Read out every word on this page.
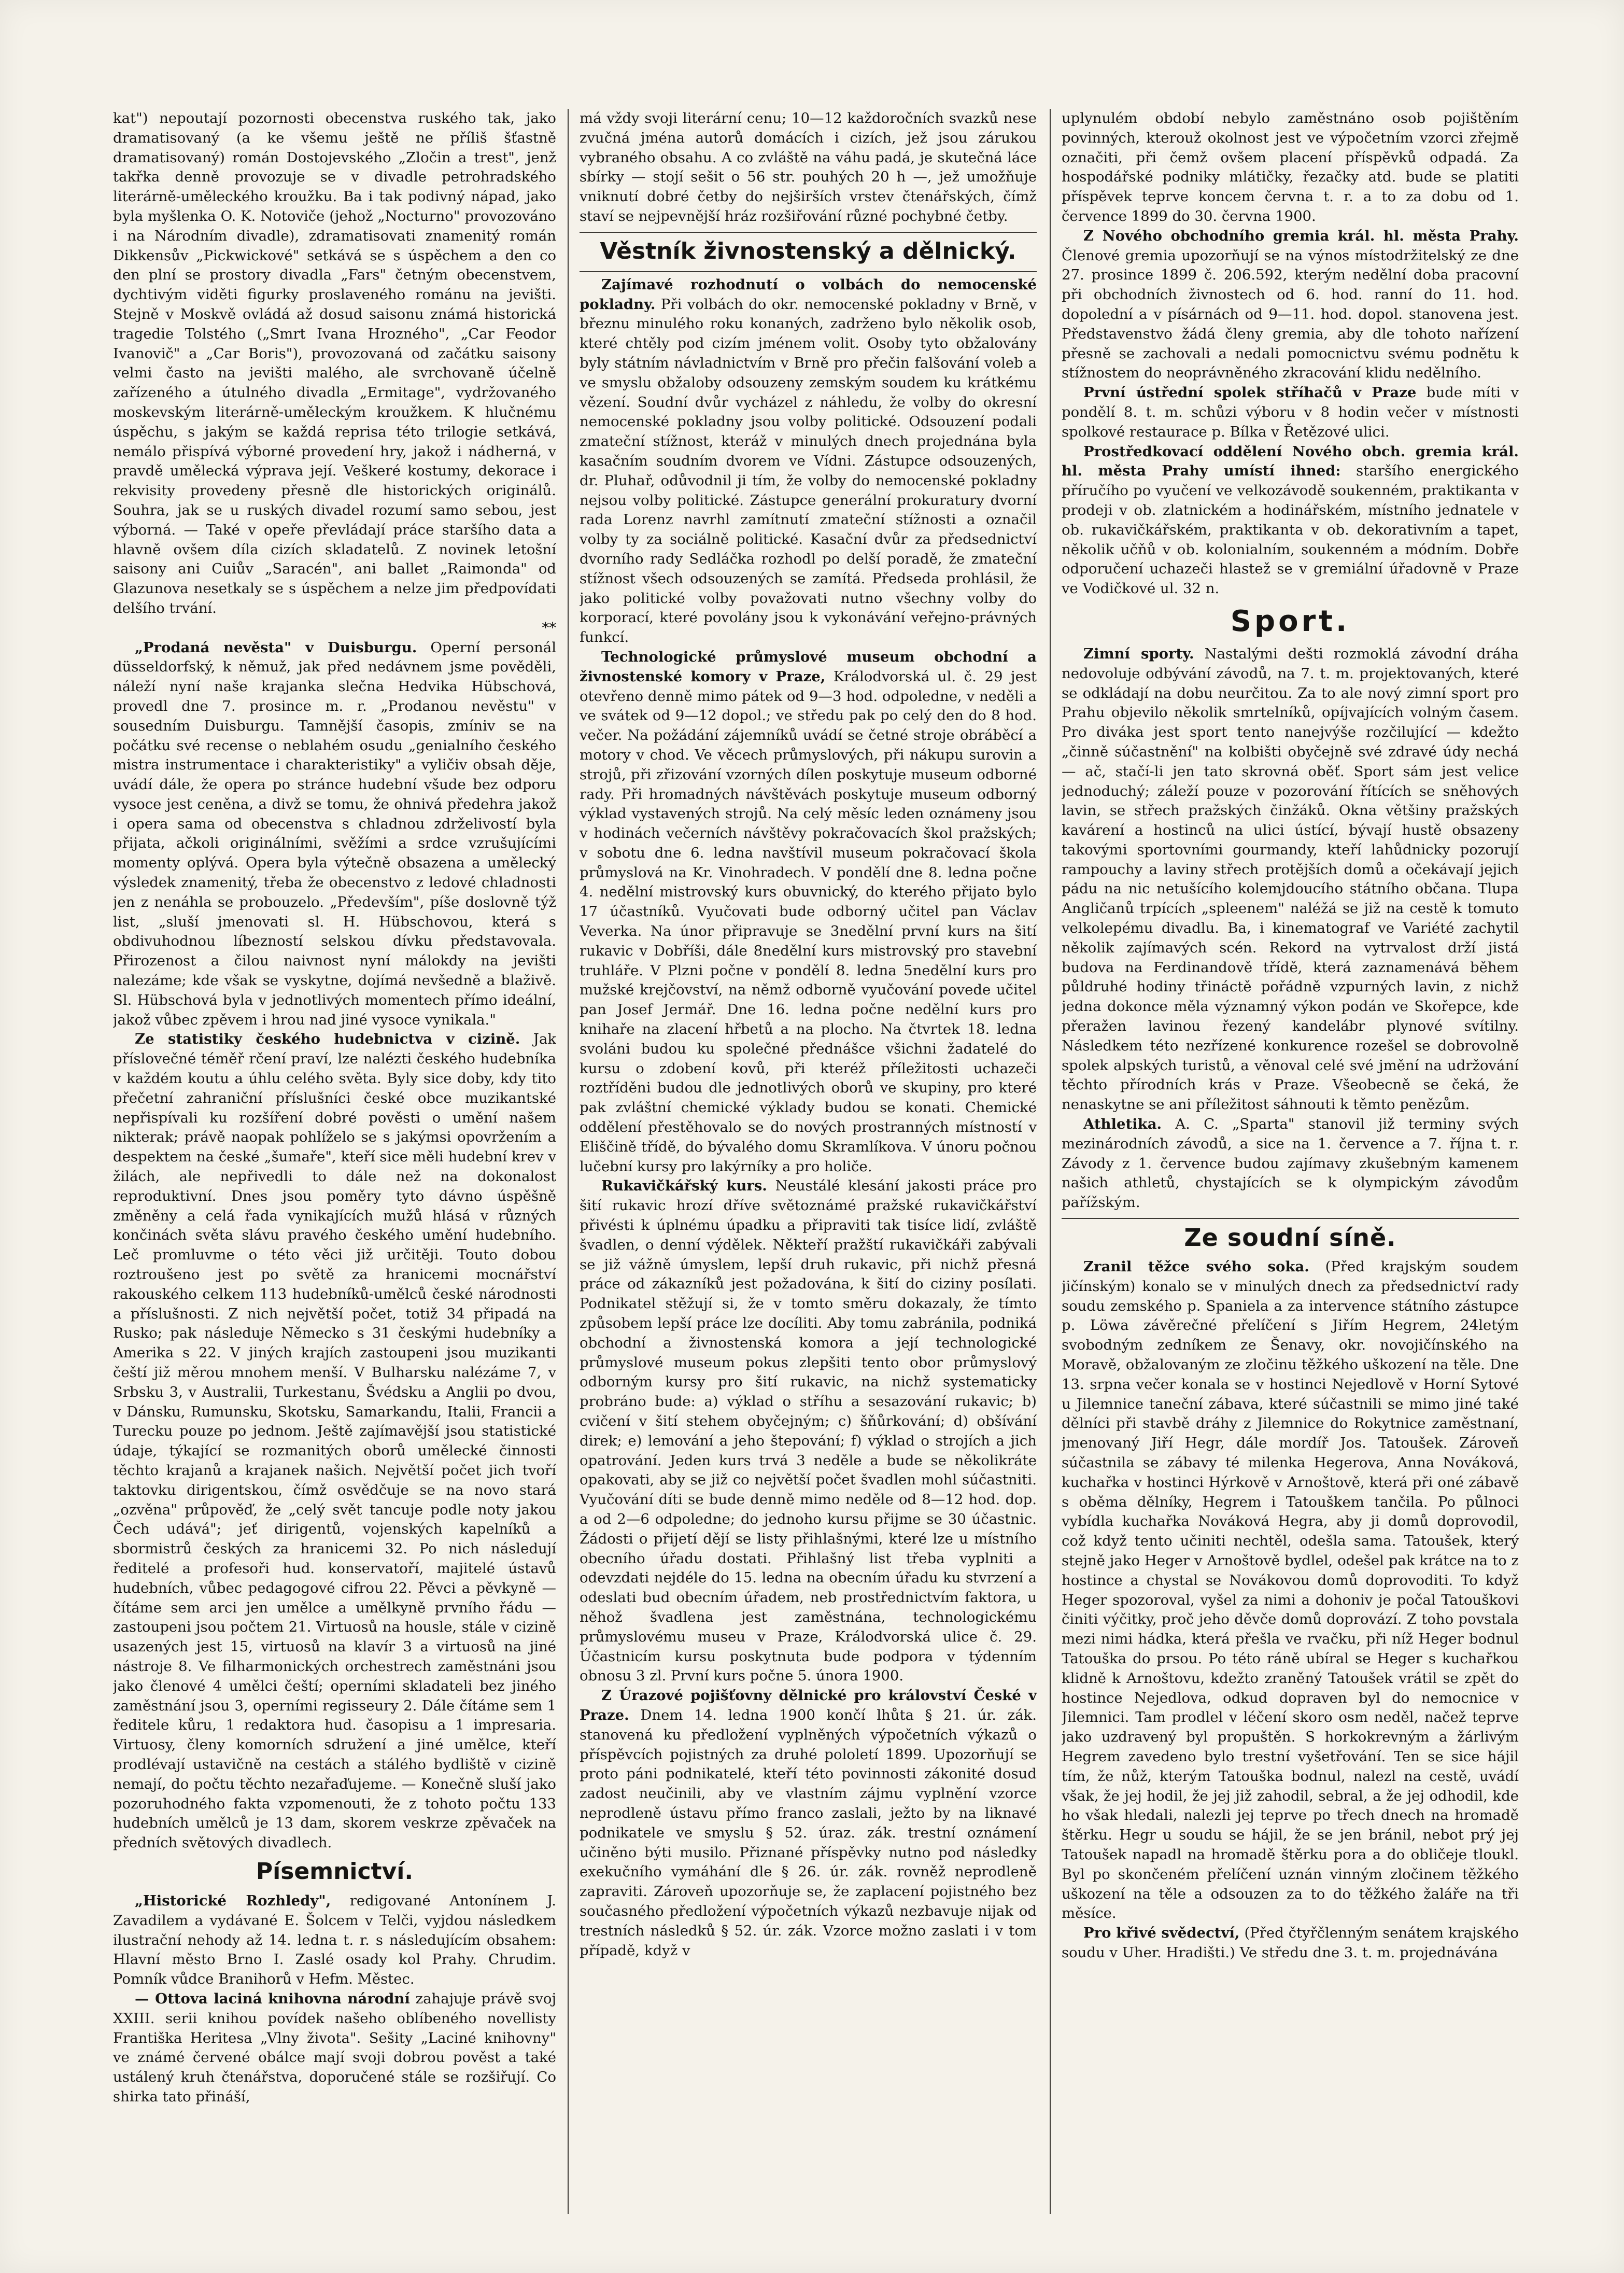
kat") nepoutají pozornosti obecenstva ruského tak, jako dramatisovaný (a ke všemu ještě ne příliš šťastně dramatisovaný) román Dostojevského „Zločin a trest", jenž takřka denně provozuje se v divadle petrohradského literárně-uměleckého kroužku. Ba i tak podivný nápad, jako byla myšlenka O. K. Notoviče (jehož „Nocturno" provozováno i na Národním divadle), zdramatisovati znamenitý román Dikkensův „Pickwickové" setkává se s úspěchem a den co den plní se prostory divadla „Fars" četným obecenstvem, dychtivým viděti figurky proslaveného románu na jevišti. Stejně v Moskvě ovládá až dosud saisonu známá historická tragedie Tolstého („Smrt Ivana Hrozného", „Car Feodor Ivanovič" a „Car Boris"), provozovaná od začátku saisony velmi často na jevišti malého, ale svrchovaně účelně zařízeného a útulného divadla „Ermitage", vydržovaného moskevským literárně-uměleckým kroužkem. K hlučnému úspěchu, s jakým se každá reprisa této trilogie setkává, nemálo přispívá výborné provedení hry, jakož i nádherná, v pravdě umělecká výprava její. Veškeré kostumy, dekorace i rekvisity provedeny přesně dle historických originálů. Souhra, jak se u ruských divadel rozumí samo sebou, jest výborná. — Také v opeře převládají práce staršího data a hlavně ovšem díla cizích skladatelů. Z novinek letošní saisony ani Cuiův „Saracén", ani ballet „Raimonda" od Glazunova nesetkaly se s úspěchem a nelze jim předpovídati delšího trvání.

**

„Prodaná nevěsta" v Duisburgu. Operní personál düsseldorfský, k němuž, jak před nedávnem jsme pověděli, náleží nyní naše krajanka slečna Hedvika Hübschová, provedl dne 7. prosince m. r. „Prodanou nevěstu" v sousedním Duisburgu. Tamnější časopis, zmíniv se na počátku své recense o neblahém osudu „genialního českého mistra instrumentace i charakteristiky" a vyličiv obsah děje, uvádí dále, že opera po stránce hudební všude bez odporu vysoce jest ceněna, a divž se tomu, že ohnivá předehra jakož i opera sama od obecenstva s chladnou zdrželivostí byla přijata, ačkoli originálními, svěžími a srdce vzrušujícími momenty oplývá. Opera byla výtečně obsazena a umělecký výsledek znamenitý, třeba že obecenstvo z ledové chladnosti jen z nenáhla se probouzelo. „Především", píše doslovně týž list, „sluší jmenovati sl. H. Hübschovou, která s obdivuhodnou líbezností selskou dívku představovala. Přirozenost a čilou naivnost nyní málokdy na jevišti nalezáme; kde však se vyskytne, dojímá nevšedně a blaživě. Sl. Hübschová byla v jednotlivých momentech přímo ideální, jakož vůbec zpěvem i hrou nad jiné vysoce vynikala."

Ze statistiky českého hudebnictva v cizině. Jak příslovečné téměř rčení praví, lze nalézti českého hudebníka v každém koutu a úhlu celého světa. Byly sice doby, kdy tito přečetní zahraniční příslušníci české obce muzikantské nepřispívali ku rozšíření dobré pověsti o umění našem nikterak; právě naopak pohlíželo se s jakýmsi opovržením a despektem na české „šumaře", kteří sice měli hudební krev v žilách, ale nepřivedli to dále než na dokonalost reproduktivní. Dnes jsou poměry tyto dávno úspěšně změněny a celá řada vynikajících mužů hlásá v různých končinách světa slávu pravého českého umění hudebního. Leč promluvme o této věci již určitěji. Touto dobou roztroušeno jest po světě za hranicemi mocnářství rakouského celkem 113 hudebníků-umělců české národnosti a příslušnosti. Z nich největší počet, totiž 34 připadá na Rusko; pak následuje Německo s 31 českými hudebníky a Amerika s 22. V jiných krajích zastoupeni jsou muzikanti čeští již měrou mnohem menší. V Bulharsku nalézáme 7, v Srbsku 3, v Australii, Turkestanu, Švédsku a Anglii po dvou, v Dánsku, Rumunsku, Skotsku, Samarkandu, Italii, Francii a Turecku pouze po jednom. Ještě zajímavější jsou statistické údaje, týkající se rozmanitých oborů umělecké činnosti těchto krajanů a krajanek našich. Největší počet jich tvoří taktovku dirigentskou, čímž osvědčuje se na novo stará „ozvěna" průpověď, že „celý svět tancuje podle noty jakou Čech udává"; jeť dirigentů, vojenských kapelníků a sbormistrů českých za hranicemi 32. Po nich následují ředitelé a profesoři hud. konservatoří, majitelé ústavů hudebních, vůbec pedagogové cifrou 22. Pěvci a pěvkyně — čítáme sem arci jen umělce a umělkyně prvního řádu — zastoupeni jsou počtem 21. Virtuosů na housle, stále v cizině usazených jest 15, virtuosů na klavír 3 a virtuosů na jiné nástroje 8. Ve filharmonických orchestrech zaměstnáni jsou jako členové 4 umělci čeští; operními skladateli bez jiného zaměstnání jsou 3, operními regisseury 2. Dále čítáme sem 1 ředitele kůru, 1 redaktora hud. časopisu a 1 impresaria. Virtuosy, členy komorních sdružení a jiné umělce, kteří prodlévají ustavičně na cestách a stálého bydliště v cizině nemají, do počtu těchto nezařaďujeme. — Konečně sluší jako pozoruhodného fakta vzpomenouti, že z tohoto počtu 133 hudebních umělců je 13 dam, skorem veskrze zpěvaček na předních světových divadlech.

Písemnictví.

„Historické Rozhledy", redigované Antonínem J. Zavadilem a vydávané E. Šolcem v Telči, vyjdou následkem ilustrační nehody až 14. ledna t. r. s následujícím obsahem: Hlavní město Brno I. Zaslé osady kol Prahy. Chrudim. Pomník vůdce Branihorů v Hefm. Městec.

— Ottova laciná knihovna národní zahajuje právě svoj XXIII. serii knihou povídek našeho oblíbeného novellisty Františka Heritesa „Vlny života". Sešity „Laciné knihovny" ve známé červené obálce mají svoji dobrou pověst a také ustálený kruh čtenářstva, doporučené stále se rozšiřují. Co shirka tato přináší,

má vždy svoji literární cenu; 10—12 každoročních svazků nese zvučná jména autorů domácích i cizích, jež jsou zárukou vybraného obsahu. A co zvláště na váhu padá, je skutečná láce sbírky — stojí sešit o 56 str. pouhých 20 h —, jež umožňuje vniknutí dobré četby do nejširších vrstev čtenářských, čímž staví se nejpevnější hráz rozšiřování různé pochybné četby.

Věstník živnostenský a dělnický.

Zajímavé rozhodnutí o volbách do nemocenské pokladny. Při volbách do okr. nemocenské pokladny v Brně, v březnu minulého roku konaných, zadrženo bylo několik osob, které chtěly pod cizím jménem volit. Osoby tyto obžalovány byly státním návladnictvím v Brně pro přečin falšování voleb a ve smyslu obžaloby odsouzeny zemským soudem ku krátkému vězení. Soudní dvůr vycházel z náhledu, že volby do okresní nemocenské pokladny jsou volby politické. Odsouzení podali zmateční stížnost, kteráž v minulých dnech projednána byla kasačním soudním dvorem ve Vídni. Zástupce odsouzených, dr. Pluhař, odůvodnil ji tím, že volby do nemocenské pokladny nejsou volby politické. Zástupce generální prokuratury dvorní rada Lorenz navrhl zamítnutí zmateční stížnosti a označil volby ty za sociálně politické. Kasační dvůr za předsednictví dvorního rady Sedláčka rozhodl po delší poradě, že zmateční stížnost všech odsouzených se zamítá. Předseda prohlásil, že jako politické volby považovati nutno všechny volby do korporací, které povolány jsou k vykonávání veřejno-právných funkcí.

Technologické průmyslové museum obchodní a živnostenské komory v Praze, Králodvorská ul. č. 29 jest otevřeno denně mimo pátek od 9—3 hod. odpoledne, v neděli a ve svátek od 9—12 dopol.; ve středu pak po celý den do 8 hod. večer. Na požádání zájemníků uvádí se četné stroje obráběcí a motory v chod. Ve věcech průmyslových, při nákupu surovin a strojů, při zřizování vzorných dílen poskytuje museum odborné rady. Při hromadných návštěvách poskytuje museum odborný výklad vystavených strojů. Na celý měsíc leden oznámeny jsou v hodinách večerních návštěvy pokračovacích škol pražských; v sobotu dne 6. ledna navštívil museum pokračovací škola průmyslová na Kr. Vinohradech. V pondělí dne 8. ledna počne 4. nedělní mistrovský kurs obuvnický, do kterého přijato bylo 17 účastníků. Vyučovati bude odborný učitel pan Václav Veverka. Na únor připravuje se 3nedělní první kurs na šití rukavic v Dobříši, dále 8nedělní kurs mistrovský pro stavební truhláře. V Plzni počne v pondělí 8. ledna 5nedělní kurs pro mužské krejčovství, na němž odborně vyučování povede učitel pan Josef Jermář. Dne 16. ledna počne nedělní kurs pro knihaře na zlacení hřbetů a na plocho. Na čtvrtek 18. ledna svoláni budou ku společné přednášce všichni žadatelé do kursu o zdobení kovů, při kteréž příležitosti uchazeči roztříděni budou dle jednotlivých oborů ve skupiny, pro které pak zvláštní chemické výklady budou se konati. Chemické oddělení přestěhovalo se do nových prostranných místností v Eliščině třídě, do bývalého domu Skramlíkova. V únoru počnou lučební kursy pro lakýrníky a pro holiče.

Rukavičkářský kurs. Neustálé klesání jakosti práce pro šití rukavic hrozí dříve světoznámé pražské rukavičkářství přivésti k úplnému úpadku a připraviti tak tisíce lidí, zvláště švadlen, o denní výdělek. Někteří pražští rukavičkáři zabývali se již vážně úmyslem, lepší druh rukavic, při nichž přesná práce od zákazníků jest požadována, k šití do ciziny posílati. Podnikatel stěžují si, že v tomto směru dokazaly, že tímto způsobem lepší práce lze docíliti. Aby tomu zabránila, podniká obchodní a živnostenská komora a její technologické průmyslové museum pokus zlepšiti tento obor průmyslový odborným kursy pro šití rukavic, na nichž systematicky probráno bude: a) výklad o stříhu a sesazování rukavic; b) cvičení v šití stehem obyčejným; c) šňůrkování; d) obšívání direk; e) lemování a jeho štepování; f) výklad o strojích a jich opatrování. Jeden kurs trvá 3 neděle a bude se několikráte opakovati, aby se již co největší počet švadlen mohl súčastniti. Vyučování díti se bude denně mimo neděle od 8—12 hod. dop. a od 2—6 odpoledne; do jednoho kursu přijme se 30 účastnic. Žádosti o přijetí dějí se listy přihlašnými, které lze u místního obecního úřadu dostati. Přihlašný list třeba vyplniti a odevzdati nejdéle do 15. ledna na obecním úřadu ku stvrzení a odeslati bud obecním úřadem, neb prostřednictvím faktora, u něhož švadlena jest zaměstnána, technologickému průmyslovému museu v Praze, Králodvorská ulice č. 29. Účastnicím kursu poskytnuta bude podpora v týdenním obnosu 3 zl. První kurs počne 5. února 1900.

Z Úrazové pojišťovny dělnické pro království České v Praze. Dnem 14. ledna 1900 končí lhůta § 21. úr. zák. stanovená ku předložení vyplněných výpočetních výkazů o příspěvcích pojistných za druhé pololetí 1899. Upozorňují se proto páni podnikatelé, kteří této povinnosti zákonité dosud zadost neučinili, aby ve vlastním zájmu vyplnění vzorce neprodleně ústavu přímo franco zaslali, ježto by na liknavé podnikatele ve smyslu § 52. úraz. zák. trestní oznámení učiněno býti musilo. Přiznané příspěvky nutno pod následky exekučního vymáhání dle § 26. úr. zák. rovněž neprodleně zapraviti. Zároveň upozorňuje se, že zaplacení pojistného bez současného předložení výpočetních výkazů nezbavuje nijak od trestních následků § 52. úr. zák. Vzorce možno zaslati i v tom případě, když v

uplynulém období nebylo zaměstnáno osob pojištěním povinných, kterouž okolnost jest ve výpočetním vzorci zřejmě označiti, při čemž ovšem placení příspěvků odpadá. Za hospodářské podniky mlátičky, řezačky atd. bude se platiti příspěvek teprve koncem června t. r. a to za dobu od 1. července 1899 do 30. června 1900.

Z Nového obchodního gremia král. hl. města Prahy. Členové gremia upozorňují se na výnos místodržitelský ze dne 27. prosince 1899 č. 206.592, kterým nedělní doba pracovní při obchodních živnostech od 6. hod. ranní do 11. hod. dopolední a v písárnách od 9—11. hod. dopol. stanovena jest. Představenstvo žádá členy gremia, aby dle tohoto nařízení přesně se zachovali a nedali pomocnictvu svému podnětu k stížnostem do neoprávněného zkracování klidu nedělního.

První ústřední spolek stříhačů v Praze bude míti v pondělí 8. t. m. schůzi výboru v 8 hodin večer v místnosti spolkové restaurace p. Bílka v Řetězové ulici.

Prostředkovací oddělení Nového obch. gremia král. hl. města Prahy umístí ihned: staršího energického příručího po vyučení ve velkozávodě soukenném, praktikanta v prodeji v ob. zlatnickém a hodinářském, místního jednatele v ob. rukavičkářském, praktikanta v ob. dekorativním a tapet, několik učňů v ob. kolonialním, soukenném a módním. Dobře odporučení uchazeči hlastež se v gremiální úřadovně v Praze ve Vodičkové ul. 32 n.

Sport.

Zimní sporty. Nastalými dešti rozmoklá závodní dráha nedovoluje odbývání závodů, na 7. t. m. projektovaných, které se odkládají na dobu neurčitou. Za to ale nový zimní sport pro Prahu objevilo několik smrtelníků, opíjvajících volným časem. Pro diváka jest sport tento nanejvýše rozčilující — kdežto „činně súčastnění" na kolbišti obyčejně své zdravé údy nechá — ač, stačí-li jen tato skrovná oběť. Sport sám jest velice jednoduchý; záleží pouze v pozorování řítících se sněhových lavin, se střech pražských činžáků. Okna většiny pražských kavárení a hostinců na ulici ústící, bývají hustě obsazeny takovými sportovními gourmandy, kteří lahůdnicky pozorují rampouchy a laviny střech protějších domů a očekávají jejich pádu na nic netušícího kolemjdoucího státního občana. Tlupa Angličanů trpících „spleenem" naléžá se již na cestě k tomuto velkolepému divadlu. Ba, i kinematograf ve Variété zachytil několik zajímavých scén. Rekord na vytrvalost drží jistá budova na Ferdinandově třídě, která zaznamenává během půldruhé hodiny třináctě pořádně vzpurných lavin, z nichž jedna dokonce měla významný výkon podán ve Skořepce, kde přeražen lavinou řezený kandelábr plynové svítilny. Následkem této nezřízené konkurence rozešel se dobrovolně spolek alpských turistů, a věnoval celé své jmění na udržování těchto přírodních krás v Praze. Všeobecně se čeká, že nenaskytne se ani příležitost sáhnouti k těmto penězům.

Athletika. A. C. „Sparta" stanovil již terminy svých mezinárodních závodů, a sice na 1. července a 7. října t. r. Závody z 1. července budou zajímavy zkušebným kamenem našich athletů, chystajících se k olympickým závodům pařížským.

Ze soudní síně.

Zranil těžce svého soka. (Před krajským soudem jičínským) konalo se v minulých dnech za předsednictví rady soudu zemského p. Spaniela a za intervence státního zástupce p. Löwa závěrečné přelíčení s Jiřím Hegrem, 24letým svobodným zedníkem ze Šenavy, okr. novojičínského na Moravě, obžalovaným ze zločinu těžkého uškození na těle. Dne 13. srpna večer konala se v hostinci Nejedlově v Horní Sytové u Jilemnice taneční zábava, které súčastnili se mimo jiné také dělníci při stavbě dráhy z Jilemnice do Rokytnice zaměstnaní, jmenovaný Jiří Hegr, dále mordíř Jos. Tatoušek. Zároveň súčastnila se zábavy té milenka Hegerova, Anna Nováková, kuchařka v hostinci Hýrkově v Arnoštově, která při oné zábavě s oběma dělníky, Hegrem i Tatouškem tančila. Po půlnoci vybídla kuchařka Nováková Hegra, aby ji domů doprovodil, což když tento učiniti nechtěl, odešla sama. Tatoušek, který stejně jako Heger v Arnoštově bydlel, odešel pak krátce na to z hostince a chystal se Novákovou domů doprovoditi. To když Heger spozoroval, vyšel za nimi a dohoniv je počal Tatouškovi činiti výčitky, proč jeho děvče domů doprovází. Z toho povstala mezi nimi hádka, která přešla ve rvačku, při níž Heger bodnul Tatouška do prsou. Po této ráně ubíral se Heger s kuchařkou klidně k Arnoštovu, kdežto zraněný Tatoušek vrátil se zpět do hostince Nejedlova, odkud dopraven byl do nemocnice v Jilemnici. Tam prodlel v léčení skoro osm neděl, načež teprve jako uzdravený byl propuštěn. S horkokrevným a žárlivým Hegrem zavedeno bylo trestní vyšetřování. Ten se sice hájil tím, že nůž, kterým Tatouška bodnul, nalezl na cestě, uvádí však, že jej hodil, že jej již zahodil, sebral, a že jej odhodil, kde ho však hledali, nalezli jej teprve po třech dnech na hromadě štěrku. Hegr u soudu se hájil, že se jen bránil, nebot prý jej Tatoušek napadl na hromadě štěrku pora a do obličeje tloukl. Byl po skončeném přelíčení uznán vinným zločinem těžkého uškození na těle a odsouzen za to do těžkého žaláře na tři měsíce.

Pro křivé svědectví, (Před čtyřčlenným senátem krajského soudu v Uher. Hradišti.) Ve středu dne 3. t. m. projednávána
